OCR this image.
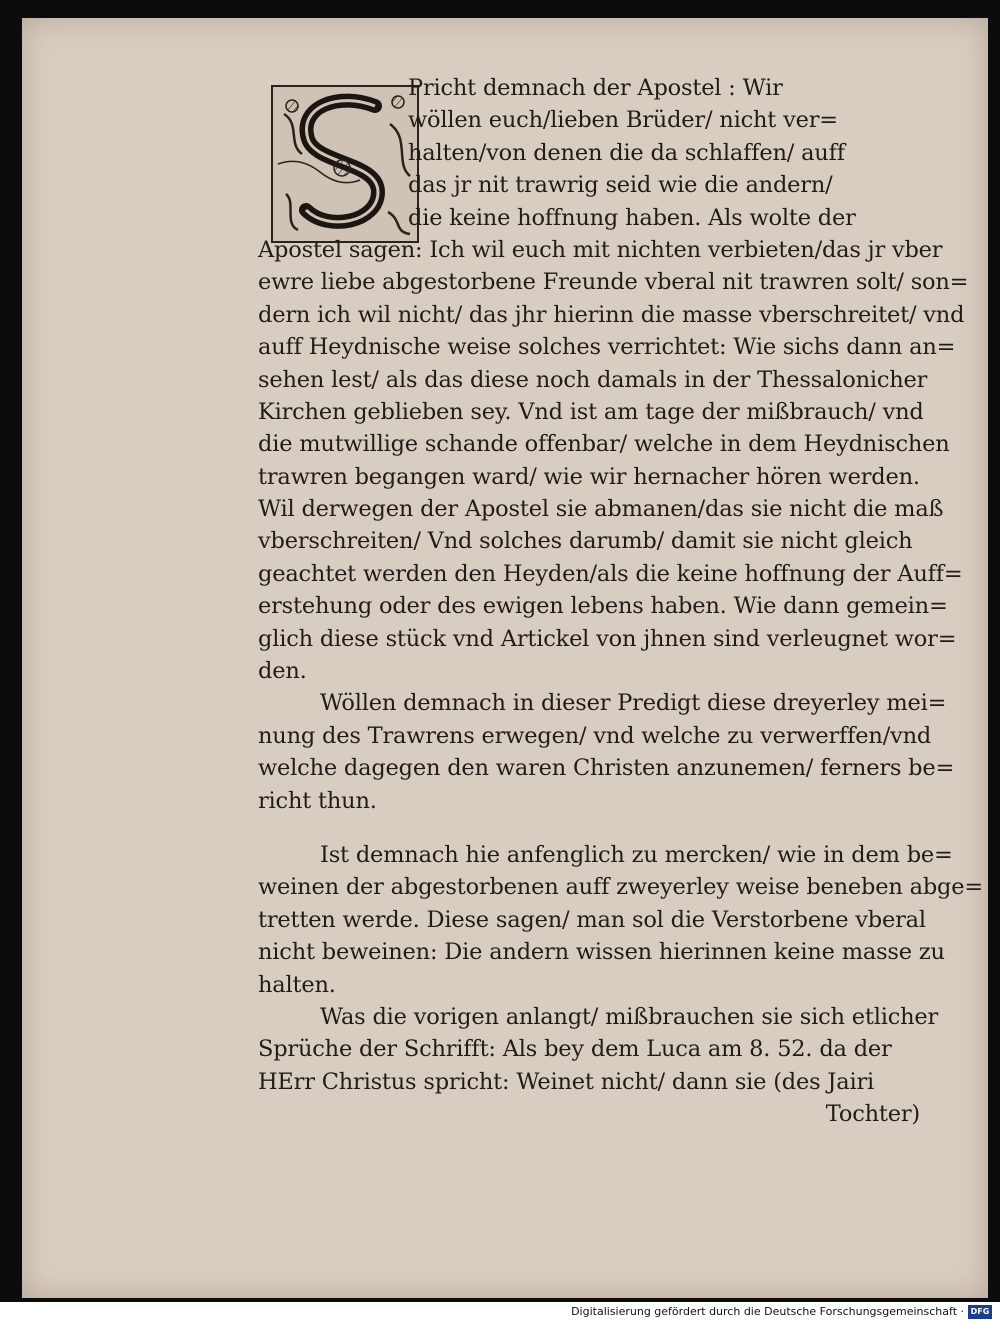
Pricht demnach der Apostel : Wir
wöllen euch/lieben Brüder/ nicht ver=
halten/von denen die da schlaffen/ auff
das jr nit trawrig seid wie die andern/
die keine hoffnung haben. Als wolte der
Apostel sagen: Ich wil euch mit nichten verbieten/das jr vber
ewre liebe abgestorbene Freunde vberal nit trawren solt/ son=
dern ich wil nicht/ das jhr hierinn die masse vberschreitet/ vnd
auff Heydnische weise solches verrichtet: Wie sichs dann an=
sehen lest/ als das diese noch damals in der Thessalonicher
Kirchen geblieben sey. Vnd ist am tage der mißbrauch/ vnd
die mutwillige schande offenbar/ welche in dem Heydnischen
trawren begangen ward/ wie wir hernacher hören werden.
Wil derwegen der Apostel sie abmanen/das sie nicht die maß
vberschreiten/ Vnd solches darumb/ damit sie nicht gleich
geachtet werden den Heyden/als die keine hoffnung der Auff=
erstehung oder des ewigen lebens haben. Wie dann gemein=
glich diese stück vnd Artickel von jhnen sind verleugnet wor=
den.
Wöllen demnach in dieser Predigt diese dreyerley mei=
nung des Trawrens erwegen/ vnd welche zu verwerffen/vnd
welche dagegen den waren Christen anzunemen/ ferners be=
richt thun.
Ist demnach hie anfenglich zu mercken/ wie in dem be=
weinen der abgestorbenen auff zweyerley weise beneben abge=
tretten werde. Diese sagen/ man sol die Verstorbene vberal
nicht beweinen: Die andern wissen hierinnen keine masse zu
halten.
Was die vorigen anlangt/ mißbrauchen sie sich etlicher
Sprüche der Schrifft: Als bey dem Luca am 8. 52. da der
HErr Christus spricht: Weinet nicht/ dann sie (des Jairi
Tochter)
Digitalisierung gefördert durch die Deutsche Forschungsgemeinschaft · DFG
